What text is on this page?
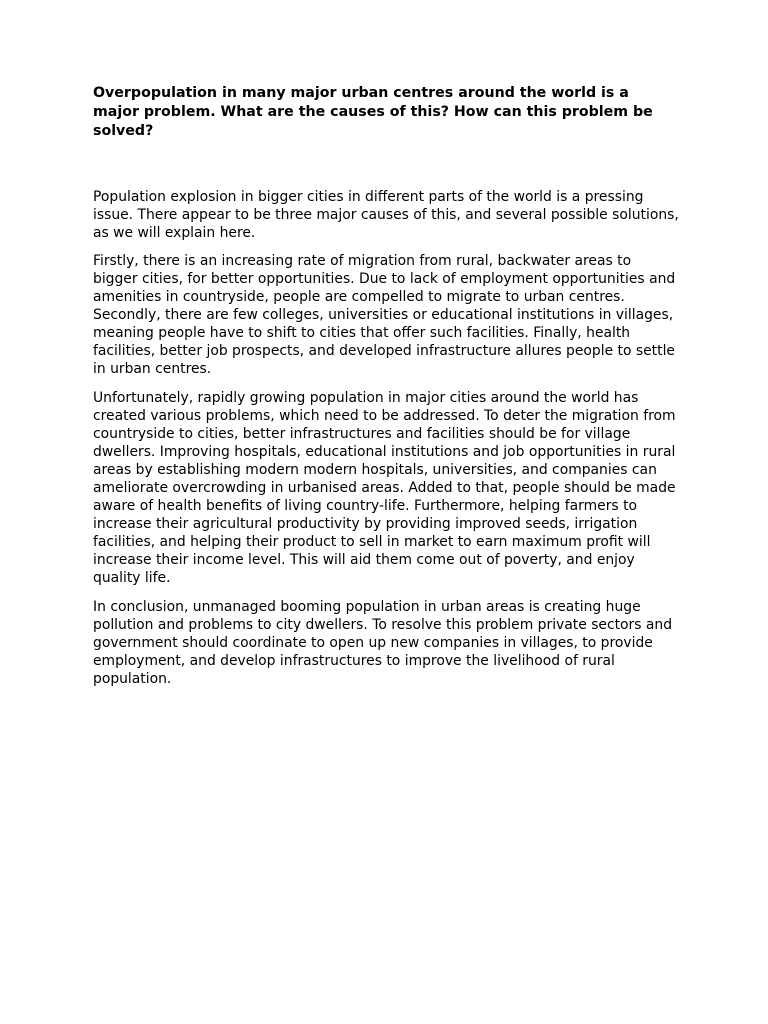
Overpopulation in many major urban centres around the world is a major problem. What are the causes of this? How can this problem be solved?

Population explosion in bigger cities in different parts of the world is a pressing issue. There appear to be three major causes of this, and several possible solutions, as we will explain here.

Firstly, there is an increasing rate of migration from rural, backwater areas to bigger cities, for better opportunities. Due to lack of employment opportunities and amenities in countryside, people are compelled to migrate to urban centres. Secondly, there are few colleges, universities or educational institutions in villages, meaning people have to shift to cities that offer such facilities. Finally, health facilities, better job prospects, and developed infrastructure allures people to settle in urban centres.

Unfortunately, rapidly growing population in major cities around the world has created various problems, which need to be addressed. To deter the migration from countryside to cities, better infrastructures and facilities should be for village dwellers. Improving hospitals, educational institutions and job opportunities in rural areas by establishing modern modern hospitals, universities, and companies can ameliorate overcrowding in urbanised areas. Added to that, people should be made aware of health benefits of living country-life. Furthermore, helping farmers to increase their agricultural productivity by providing improved seeds, irrigation facilities, and helping their product to sell in market to earn maximum profit will increase their income level. This will aid them come out of poverty, and enjoy quality life.

In conclusion, unmanaged booming population in urban areas is creating huge pollution and problems to city dwellers. To resolve this problem private sectors and government should coordinate to open up new companies in villages, to provide employment, and develop infrastructures to improve the livelihood of rural population.
